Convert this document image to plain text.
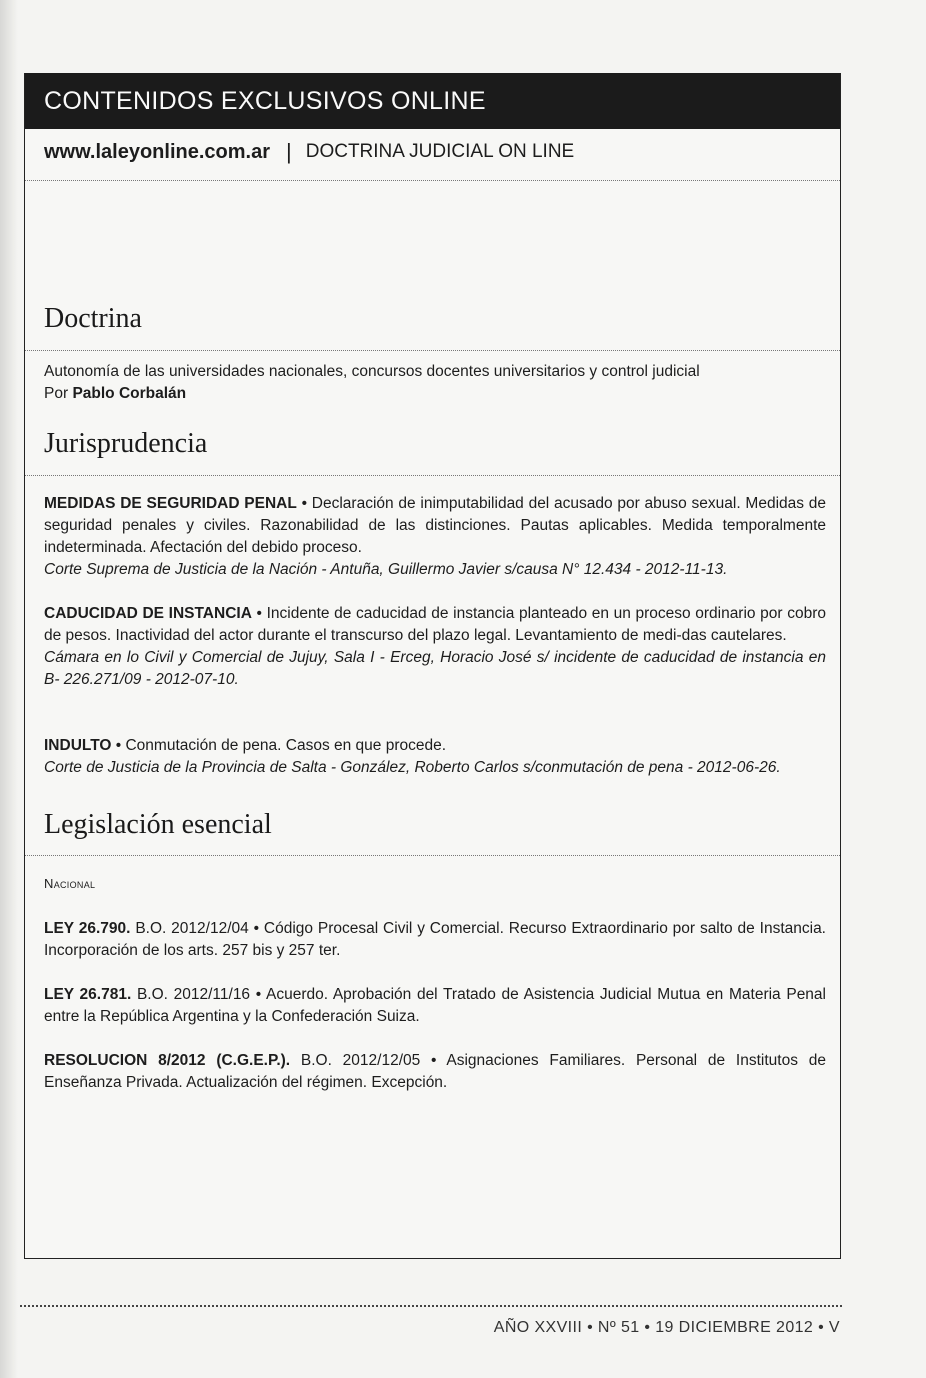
CONTENIDOS EXCLUSIVOS ONLINE
www.laleyonline.com.ar | DOCTRINA JUDICIAL ON LINE
Doctrina
Autonomía de las universidades nacionales, concursos docentes universitarios y control judicial
Por Pablo Corbalán
Jurisprudencia
MEDIDAS DE SEGURIDAD PENAL • Declaración de inimputabilidad del acusado por abuso sexual. Medidas de seguridad penales y civiles. Razonabilidad de las distinciones. Pautas aplicables. Medida temporalmente indeterminada. Afectación del debido proceso.
Corte Suprema de Justicia de la Nación - Antuña, Guillermo Javier s/causa N° 12.434 - 2012-11-13.
CADUCIDAD DE INSTANCIA • Incidente de caducidad de instancia planteado en un proceso ordinario por cobro de pesos. Inactividad del actor durante el transcurso del plazo legal. Levantamiento de medi-das cautelares.
Cámara en lo Civil y Comercial de Jujuy, Sala I - Erceg, Horacio José s/ incidente de caducidad de instancia en B- 226.271/09 - 2012-07-10.
INDULTO • Conmutación de pena. Casos en que procede.
Corte de Justicia de la Provincia de Salta - González, Roberto Carlos s/conmutación de pena - 2012-06-26.
Legislación esencial
Nacional
LEY 26.790. B.O. 2012/12/04 • Código Procesal Civil y Comercial. Recurso Extraordinario por salto de Instancia. Incorporación de los arts. 257 bis y 257 ter.
LEY 26.781. B.O. 2012/11/16 • Acuerdo. Aprobación del Tratado de Asistencia Judicial Mutua en Materia Penal entre la República Argentina y la Confederación Suiza.
RESOLUCION 8/2012 (C.G.E.P.). B.O. 2012/12/05 • Asignaciones Familiares. Personal de Institutos de Enseñanza Privada. Actualización del régimen. Excepción.
AÑO XXVIII • Nº 51 • 19 DICIEMBRE 2012 • V
